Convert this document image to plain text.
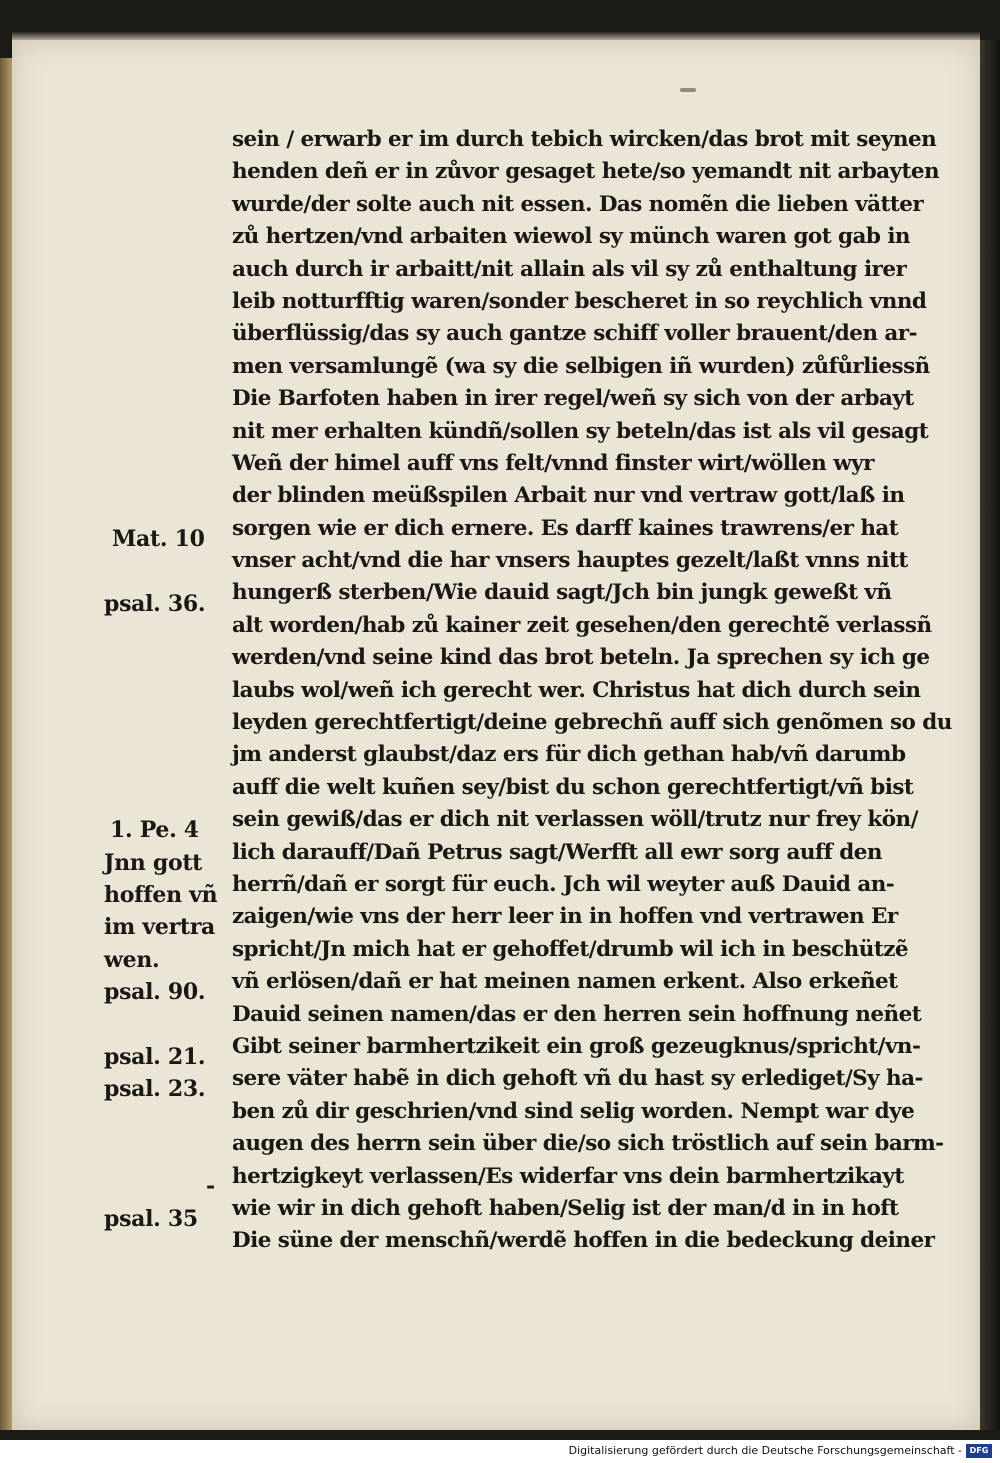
sein / erwarb er im durch tebich wircken/das brot mit seynen
henden deñ er in zůvor gesaget hete/so yemandt nit arbayten
wurde/der solte auch nit essen. Das nomẽn die lieben vätter
zů hertzen/vnd arbaiten wiewol sy münch waren got gab in
auch durch ir arbaitt/nit allain als vil sy zů enthaltung irer
leib notturfftig waren/sonder bescheret in so reychlich vnnd
überflüssig/das sy auch gantze schiff voller brauent/den ar-
men versamlungẽ (wa sy die selbigen iñ wurden) zůfůrliessñ
Die Barfoten haben in irer regel/weñ sy sich von der arbayt
nit mer erhalten kündñ/sollen sy beteln/das ist als vil gesagt
Weñ der himel auff vns felt/vnnd finster wirt/wöllen wyr
der blinden meüßspilen Arbait nur vnd vertraw gott/laß in
sorgen wie er dich ernere. Es darff kaines trawrens/er hat
vnser acht/vnd die har vnsers hauptes gezelt/laßt vnns nitt
hungerß sterben/Wie dauid sagt/Jch bin jungk geweßt vñ
alt worden/hab zů kainer zeit gesehen/den gerechtẽ verlassñ
werden/vnd seine kind das brot beteln. Ja sprechen sy ich ge
laubs wol/weñ ich gerecht wer. Christus hat dich durch sein
leyden gerechtfertigt/deine gebrechñ auff sich genõmen so du
jm anderst glaubst/daz ers für dich gethan hab/vñ darumb
auff die welt kuñen sey/bist du schon gerechtfertigt/vñ bist
sein gewiß/das er dich nit verlassen wöll/trutz nur frey kön/
lich darauff/Dañ Petrus sagt/Werfft all ewr sorg auff den
herrñ/dañ er sorgt für euch. Jch wil weyter auß Dauid an-
zaigen/wie vns der herr leer in in hoffen vnd vertrawen Er
spricht/Jn mich hat er gehoffet/drumb wil ich in beschützẽ
vñ erlösen/dañ er hat meinen namen erkent. Also erkeñet
Dauid seinen namen/das er den herren sein hoffnung neñet
Gibt seiner barmhertzikeit ein groß gezeugknus/spricht/vn-
sere väter habẽ in dich gehoft vñ du hast sy erlediget/Sy ha-
ben zů dir geschrien/vnd sind selig worden. Nempt war dye
augen des herrn sein über die/so sich tröstlich auf sein barm-
hertzigkeyt verlassen/Es widerfar vns dein barmhertzikayt
wie wir in dich gehoft haben/Selig ist der man/d in in hoft
Die süne der menschñ/werdẽ hoffen in die bedeckung deiner
Mat. 10
psal. 36.
1. Pe. 4
Jnn gott
hoffen vñ
im vertra
wen.
psal. 90.
psal. 21.
psal. 23.
-
psal. 35
Digitalisierung gefördert durch die Deutsche Forschungsgemeinschaft - DFG
